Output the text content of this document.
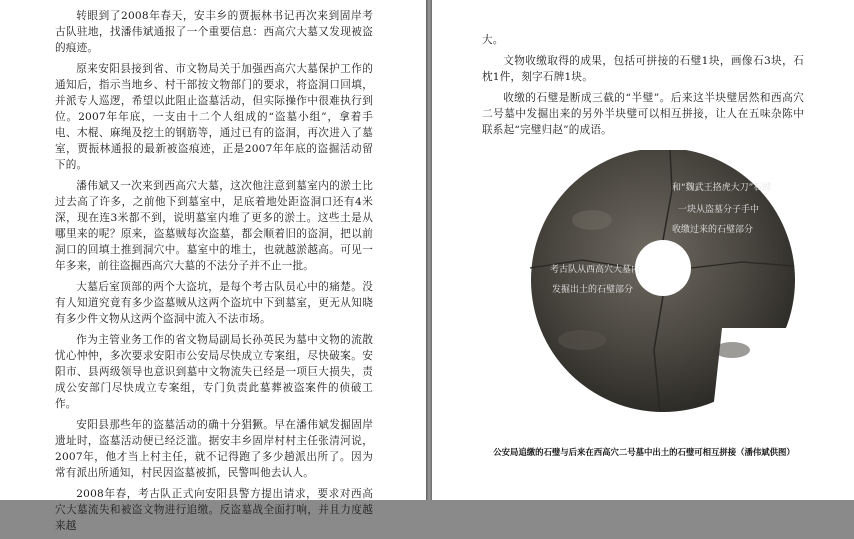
转眼到了2008年春天，安丰乡的贾振林书记再次来到固岸考古队驻地，找潘伟斌通报了一个重要信息：西高穴大墓又发现被盗的痕迹。

原来安阳县接到省、市文物局关于加强西高穴大墓保护工作的通知后，指示当地乡、村干部按文物部门的要求，将盗洞口回填，并派专人巡逻，希望以此阻止盗墓活动，但实际操作中很难执行到位。2007年年底，一支由十二个人组成的“盗墓小组”，拿着手电、木棍、麻绳及挖土的钢筋等，通过已有的盗洞，再次进入了墓室，贾振林通报的最新被盗痕迹，正是2007年年底的盗掘活动留下的。

潘伟斌又一次来到西高穴大墓，这次他注意到墓室内的淤土比过去高了许多，之前他下到墓室中，足底着地处距盗洞口还有4米深，现在连3米都不到，说明墓室内堆了更多的淤土。这些土是从哪里来的呢？原来，盗墓贼每次盗墓，都会顺着旧的盗洞，把以前洞口的回填土推到洞穴中。墓室中的堆土，也就越淤越高。可见一年多来，前往盗掘西高穴大墓的不法分子并不止一批。

大墓后室顶部的两个大盗坑，是每个考古队员心中的痛楚。没有人知道究竟有多少盗墓贼从这两个盗坑中下到墓室，更无从知晓有多少件文物从这两个盗洞中流入不法市场。

作为主管业务工作的省文物局副局长孙英民为墓中文物的流散忧心忡忡，多次要求安阳市公安局尽快成立专案组，尽快破案。安阳市、县两级领导也意识到墓中文物流失已经是一项巨大损失，责成公安部门尽快成立专案组，专门负责此墓葬被盗案件的侦破工作。

安阳县那些年的盗墓活动的确十分猖獗。早在潘伟斌发掘固岸遗址时，盗墓活动便已经泛滥。据安丰乡固岸村村主任张清河说，2007年，他才当上村主任，就不记得跑了多少趟派出所了。因为常有派出所通知，村民因盗墓被抓，民警叫他去认人。

2008年春，考古队正式向安阳县警方提出请求，要求对西高穴大墓流失和被盗文物进行追缴。反盗墓战全面打响，并且力度越来越

大。

文物收缴取得的成果，包括可拼接的石璧1块，画像石3块，石枕1件，刻字石牌1块。

收缴的石璧是断成三截的“半璧”。后来这半块璧居然和西高穴二号墓中发掘出来的另外半块璧可以相互拼接，让人在五味杂陈中联系起“完璧归赵”的成语。

和“魏武王挌虎大刀”石牌
一块从盗墓分子手中
收缴过来的石璧部分
考古队从西高穴大墓内
发掘出土的石璧部分
公安局追缴的石璧与后来在西高穴二号墓中出土的石璧可相互拼接（潘伟斌供图）
